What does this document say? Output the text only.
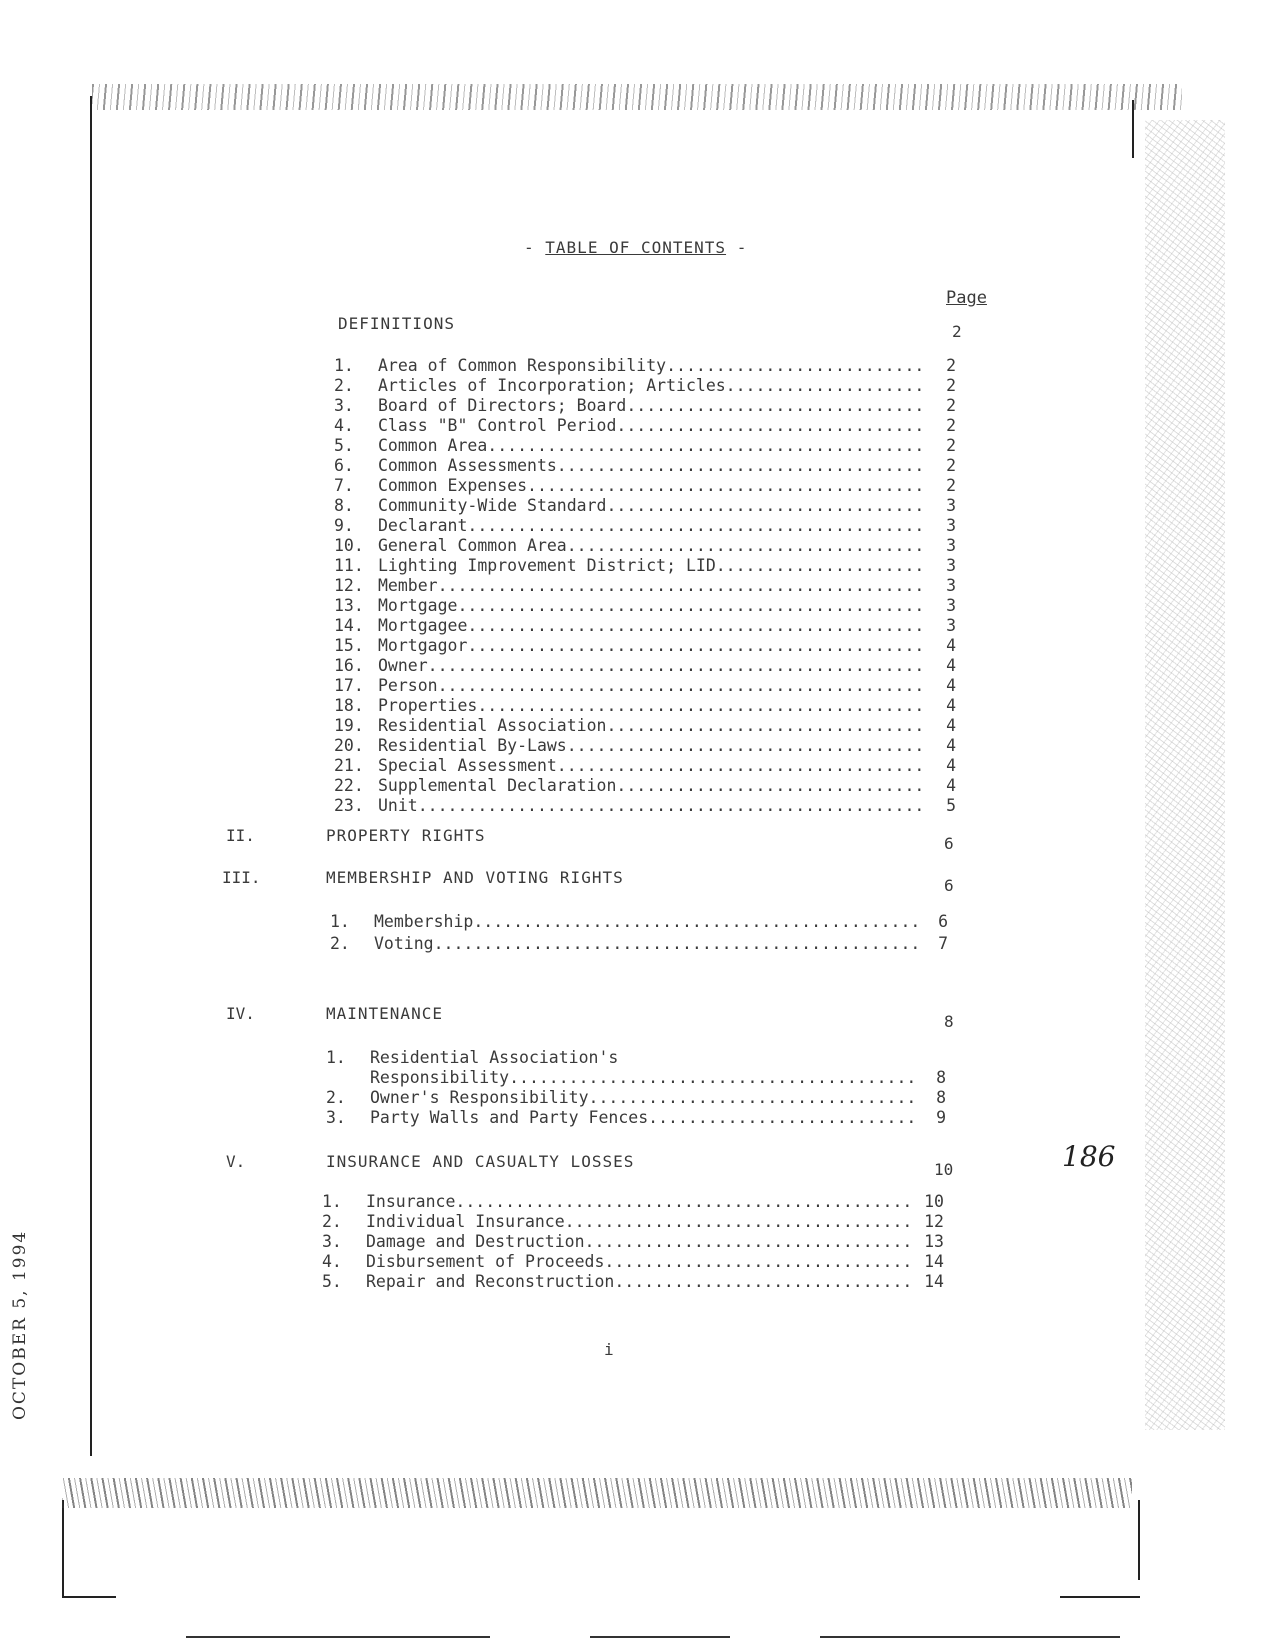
- TABLE OF CONTENTS -
Page
DEFINITIONS	2
1. Area of Common Responsibility.......................... 2
2. Articles of Incorporation; Articles.................... 2
3. Board of Directors; Board.............................. 2
4. Class "B" Control Period............................... 2
5. Common Area............................................ 2
6. Common Assessments..................................... 2
7. Common Expenses........................................ 2
8. Community-Wide Standard................................ 3
9. Declarant.............................................. 3
10. General Common Area.................................... 3
11. Lighting Improvement District; LID..................... 3
12. Member................................................. 3
13. Mortgage............................................... 3
14. Mortgagee.............................................. 3
15. Mortgagor.............................................. 4
16. Owner.................................................. 4
17. Person................................................. 4
18. Properties............................................. 4
19. Residential Association................................ 4
20. Residential By-Laws.................................... 4
21. Special Assessment..................................... 4
22. Supplemental Declaration............................... 4
23. Unit................................................... 5
II.	PROPERTY RIGHTS	6
III.	MEMBERSHIP AND VOTING RIGHTS	6
1. Membership............................................. 6
2. Voting................................................. 7
IV.	MAINTENANCE	8
1. Residential Association's
Responsibility......................................... 8
2. Owner's Responsibility................................. 8
3. Party Walls and Party Fences........................... 9
V.	INSURANCE AND CASUALTY LOSSES	10
1. Insurance.............................................. 10
2. Individual Insurance................................... 12
3. Damage and Destruction................................. 13
4. Disbursement of Proceeds............................... 14
5. Repair and Reconstruction.............................. 14
i
186
OCTOBER 5, 1994
